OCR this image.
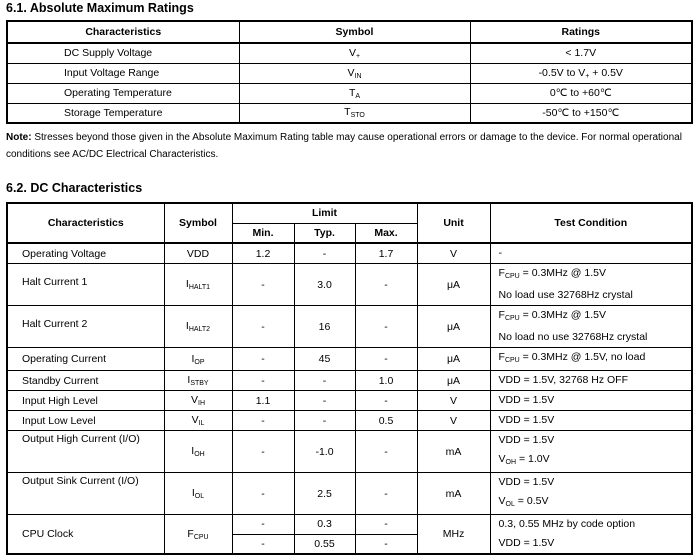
6.1. Absolute Maximum Ratings
Characteristics	Symbol	Ratings
DC Supply Voltage	$V_+$	< 1.7V
Input Voltage Range	$V_{IN}$	-0.5V to $V_+ + 0.5V$
Operating Temperature	$T_A$	0℃ to +60℃
Storage Temperature	$T_{STO}$	-50℃ to +150℃
Note: Stresses beyond those given in the Absolute Maximum Rating table may cause operational errors or damage to the device. For normal operational conditions see AC/DC Electrical Characteristics.
6.2. DC Characteristics
Characteristics	Symbol	Limit			Unit	Test Condition
		Min.	Typ.	Max.		
Operating Voltage	VDD	1.2	-	1.7	V	-

Halt Current 1	$I_{HALT1}$	-	3.0	-	μA	$F_{CPU} = 0.3MHz$ @ 1.5V
No load use 32768Hz crystal

Halt Current 2	$I_{HALT2}$	-	16	-	μA	$F_{CPU} = 0.3MHz$ @ 1.5V
No load no use 32768Hz crystal

Operating Current	$I_{OP}$	-	45	-	μA	$F_{CPU} = 0.3MHz$ @ 1.5V, no load

Standby Current	$I_{STBY}$	-	-	1.0	μA	VDD = 1.5V, 32768 Hz OFF

Input High Level	$V_{IH}$	1.1	-	-	V	VDD = 1.5V

Input Low Level	$V_{IL}$	-	-	0.5	V	VDD = 1.5V

Output High Current (I/O)	$I_{OH}$	-	-1.0	-	mA	VDD = 1.5V
$V_{OH} = 1.0V$

Output Sink Current (I/O)	$I_{OL}$	-	2.5	-	mA	VDD = 1.5V
$V_{OL} = 0.5V$

CPU Clock	$F_{CPU}$	-	0.3	-	MHz	0.3, 0.55 MHz by code option
VDD = 1.5V

		-	0.55	-		
